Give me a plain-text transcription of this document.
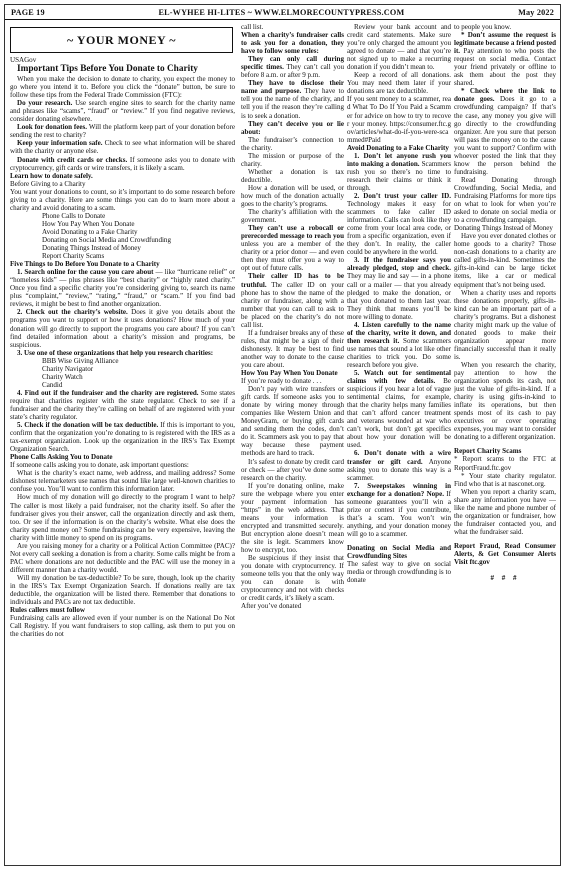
PAGE 19	EL-WYHEE HI-LITES ~ WWW.ELMORECOUNTYPRESS.COM	May 2022
~ YOUR MONEY ~

USAGov

Important Tips Before You Donate to Charity

When you make the decision to donate to charity, you expect the money to go where you intend it to. Before you click the “donate” button, be sure to follow these tips from the Federal Trade Commission (FTC):

Do your research. Use search engine sites to search for the charity name and phrases like “scams”, “fraud” or “review.” If you find negative reviews, consider donating elsewhere.

Look for donation fees. Will the platform keep part of your donation before sending the rest to charity?

Keep your information safe. Check to see what information will be shared with the charity or anyone else.

Donate with credit cards or checks. If someone asks you to donate with cryptocurrency, gift cards or wire transfers, it is likely a scam.

Learn how to donate safely.

Before Giving to a Charity

You want your donations to count, so it’s important to do some research before giving to a charity. Here are some things you can do to learn more about a charity and avoid donating to a scam.

Phone Calls to Donate
How You Pay When You Donate
Avoid Donating to a Fake Charity
Donating on Social Media and Crowdfunding
Donating Things Instead of Money
Report Charity Scams

Five Things to Do Before You Donate to a Charity

1. Search online for the cause you care about — like “hurricane relief” or “homeless kids” — plus phrases like “best charity” or “highly rated charity.” Once you find a specific charity you’re considering giving to, search its name plus “complaint,” “review,” “rating,” “fraud,” or “scam.” If you find bad reviews, it might be best to find another organization.

2. Check out the charity’s website. Does it give you details about the programs you want to support or how it uses donations? How much of your donation will go directly to support the programs you care about? If you can’t find detailed information about a charity’s mission and programs, be suspicious.

3. Use one of these organizations that help you research charities:

BBB Wise Giving Alliance
Charity Navigator
Charity Watch
Candid

4. Find out if the fundraiser and the charity are registered. Some states require that charities register with the state regulator. Check to see if a fundraiser and the charity they’re calling on behalf of are registered with your state’s charity regulator.

5. Check if the donation will be tax deductible. If this is important to you, confirm that the organization you’re donating to is registered with the IRS as a tax-exempt organization. Look up the organization in the IRS’s Tax Exempt Organization Search.

Phone Calls Asking You to Donate

If someone calls asking you to donate, ask important questions:

What is the charity’s exact name, web address, and mailing address? Some dishonest telemarketers use names that sound like large well-known charities to confuse you. You’ll want to confirm this information later.

How much of my donation will go directly to the program I want to help? The caller is most likely a paid fundraiser, not the charity itself. So after the fundraiser gives you their answer, call the organization directly and ask them, too. Or see if the information is on the charity’s website. What else does the charity spend money on? Some fundraising can be very expensive, leaving the charity with little money to spend on its programs.

Are you raising money for a charity or a Political Action Committee (PAC)? Not every call seeking a donation is from a charity. Some calls might be from a PAC where donations are not deductible and the PAC will use the money in a different manner than a charity would.

Will my donation be tax-deductible? To be sure, though, look up the charity in the IRS’s Tax Exempt Organization Search. If donations really are tax deductible, the organization will be listed there. Remember that donations to individuals and PACs are not tax deductible.

Rules callers must follow

Fundraising calls are allowed even if your number is on the National Do Not Call Registry. If you want fundraisers to stop calling, ask them to put you on the charities do not

call list.

When a charity’s fundraiser calls to ask you for a donation, they have to follow some rules:

They can only call during specific times. They can’t call you before 8 a.m. or after 9 p.m.

They have to disclose their name and purpose. They have to tell you the name of the charity, and tell you if the reason they’re calling is to seek a donation.

They can’t deceive you or lie about:

The fundraiser’s connection to the charity.

The mission or purpose of the charity.

Whether a donation is tax deductible.

How a donation will be used, or how much of the donation actually goes to the charity’s programs.

The charity’s affiliation with the government.

They can’t use a robocall or prerecorded message to reach you unless you are a member of the charity or a prior donor — and even then they must offer you a way to opt out of future calls.

Their caller ID has to be truthful. The caller ID on your phone has to show the name of the charity or fundraiser, along with a number that you can call to ask to be placed on the charity’s do not call list.

If a fundraiser breaks any of these rules, that might be a sign of their dishonesty. It may be best to find another way to donate to the cause you care about.

How You Pay When You Donate

If you’re ready to donate . . .

Don’t pay with wire transfers or gift cards. If someone asks you to donate by wiring money through companies like Western Union and MoneyGram, or buying gift cards and sending them the codes, don’t do it. Scammers ask you to pay that way because these payment methods are hard to track.

It’s safest to donate by credit card or check — after you’ve done some research on the charity.

If you’re donating online, make sure the webpage where you enter your payment information has “https” in the web address. That means your information is encrypted and transmitted securely. But encryption alone doesn’t mean the site is legit. Scammers know how to encrypt, too.

Be suspicious if they insist that you donate with cryptocurrency. If someone tells you that the only way you can donate is with cryptocurrency and not with checks or credit cards, it’s likely a scam.

After you’ve donated

Review your bank account and credit card statements. Make sure you’re only charged the amount you agreed to donate — and that you’re not signed up to make a recurring donation if you didn’t mean to.

Keep a record of all donations. You may need them later if your donations are tax deductible.

If you sent money to a scammer, read What To Do If You Paid a Scammer for advice on how to try to recover your money. https://consumer.ftc.gov/articles/what-do-if-you-were-scammed#Paid

Avoid Donating to a Fake Charity

1. Don’t let anyone rush you into making a donation. Scammers rush you so there’s no time to research their claims or think it through.

2. Don’t trust your caller ID. Technology makes it easy for scammers to fake caller ID information. Calls can look like they come from your local area code, or from a specific organization, even if they don’t. In reality, the caller could be anywhere in the world.

3. If the fundraiser says you already pledged, stop and check. They may lie and say — in a phone call or a mailer — that you already pledged to make the donation, or that you donated to them last year. They think that means you’ll be more willing to donate.

4. Listen carefully to the name of the charity, write it down, and then research it. Some scammers use names that sound a lot like other charities to trick you. Do some research before you give.

5. Watch out for sentimental claims with few details. Be suspicious if you hear a lot of vague sentimental claims, for example, that the charity helps many families that can’t afford cancer treatment and veterans wounded at war who can’t work, but don’t get specifics about how your donation will be used.

6. Don’t donate with a wire transfer or gift card. Anyone asking you to donate this way is a scammer.

7. Sweepstakes winning in exchange for a donation? Nope. If someone guarantees you’ll win a prize or contest if you contribute, that’s a scam. You won’t win anything, and your donation money will go to a scammer.

Donating on Social Media and Crowdfunding Sites

The safest way to give on social media or through crowdfunding is to donate

to people you know.

* Don’t assume the request is legitimate because a friend posted it. Pay attention to who posts the request on social media. Contact your friend privately or offline to ask them about the post they shared.

* Check where the link to donate goes. Does it go to a crowdfunding campaign? If that’s the case, any money you give will go directly to the crowdfunding organizer. Are you sure that person will pass the money on to the cause you want to support? Confirm with whoever posted the link that they know the person behind the fundraising.

Read Donating through Crowdfunding, Social Media, and Fundraising Platforms for more tips on what to look for when you’re asked to donate on social media or to a crowdfunding campaign.

Donating Things Instead of Money

Have you ever donated clothes or home goods to a charity? Those non-cash donations to a charity are called gifts-in-kind. Sometimes the gifts-in-kind can be large ticket items, like a car or medical equipment that’s not being used.

When a charity uses and reports these donations properly, gifts-in-kind can be an important part of a charity’s programs. But a dishonest charity might mark up the value of donated goods to make their organization appear more financially successful than it really is.

When you research the charity, pay attention to how the organization spends its cash, not just the value of gifts-in-kind. If a charity is using gifts-in-kind to inflate its operations, but then spends most of its cash to pay executives or cover operating expenses, you may want to consider donating to a different organization.

Report Charity Scams

* Report scams to the FTC at ReportFraud.ftc.gov

* Your state charity regulator. Find who that is at nasconet.org.

When you report a charity scam, share any information you have — like the name and phone number of the organization or fundraiser, how the fundraiser contacted you, and what the fundraiser said.

Report Fraud, Read Consumer Alerts, & Get Consumer Alerts Visit ftc.gov

# # #
